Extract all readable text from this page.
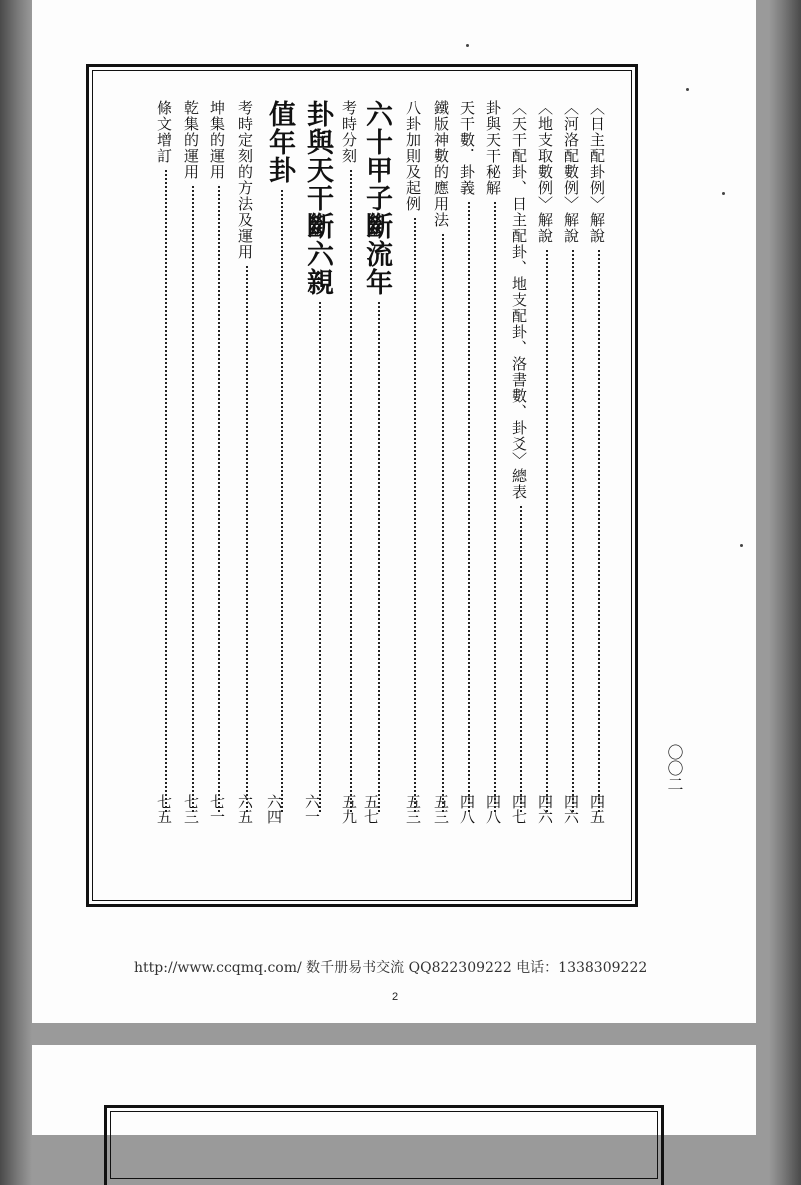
〈日主配卦例〉解說
四五
〈河洛配數例〉解說
四六
〈地支取數例〉解說
四六
〈天干配卦、日主配卦、地支配卦、洛書數、卦爻〉總表
四七
卦與天干秘解
四八
天干數．卦義
四八
鐵版神數的應用法
五三
八卦加則及起例
五三
六十甲子斷流年
五七
考時分刻
五九
卦與天干斷六親
六一
值年卦
六四
考時定刻的方法及運用
六五
坤集的運用
七一
乾集的運用
七三
條文增訂
七五
〇〇二
http://www.ccqmq.com/ 数千册易书交流 QQ822309222 电话：1338309222
2
